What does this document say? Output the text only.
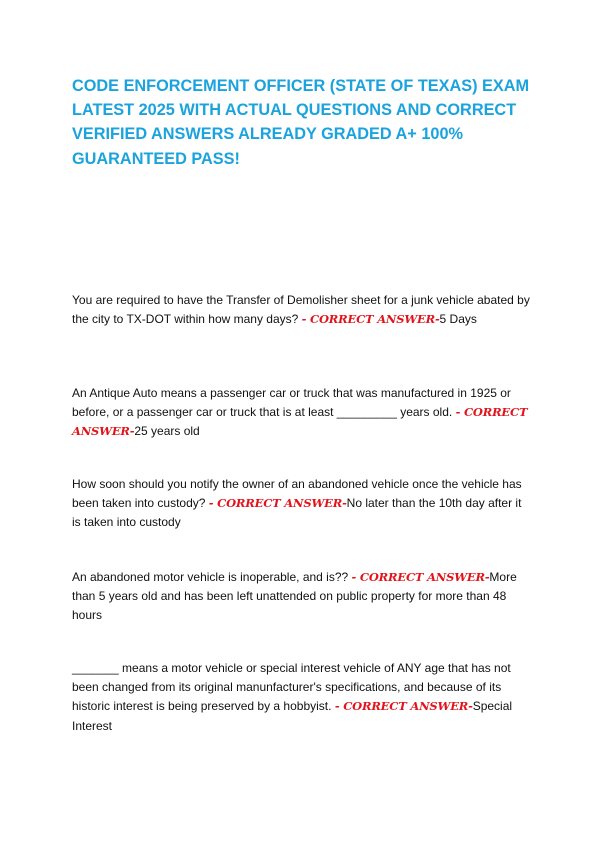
CODE ENFORCEMENT OFFICER (STATE OF TEXAS) EXAM LATEST 2025 WITH ACTUAL QUESTIONS AND CORRECT VERIFIED ANSWERS ALREADY GRADED A+ 100% GUARANTEED PASS!

You are required to have the Transfer of Demolisher sheet for a junk vehicle abated by the city to TX-DOT within how many days? - CORRECT ANSWER-5 Days

An Antique Auto means a passenger car or truck that was manufactured in 1925 or before, or a passenger car or truck that is at least _________ years old. - CORRECT ANSWER-25 years old

How soon should you notify the owner of an abandoned vehicle once the vehicle has been taken into custody? - CORRECT ANSWER-No later than the 10th day after it is taken into custody

An abandoned motor vehicle is inoperable, and is?? - CORRECT ANSWER-More than 5 years old and has been left unattended on public property for more than 48 hours

_______ means a motor vehicle or special interest vehicle of ANY age that has not been changed from its original manunfacturer's specifications, and because of its historic interest is being preserved by a hobbyist. - CORRECT ANSWER-Special Interest
